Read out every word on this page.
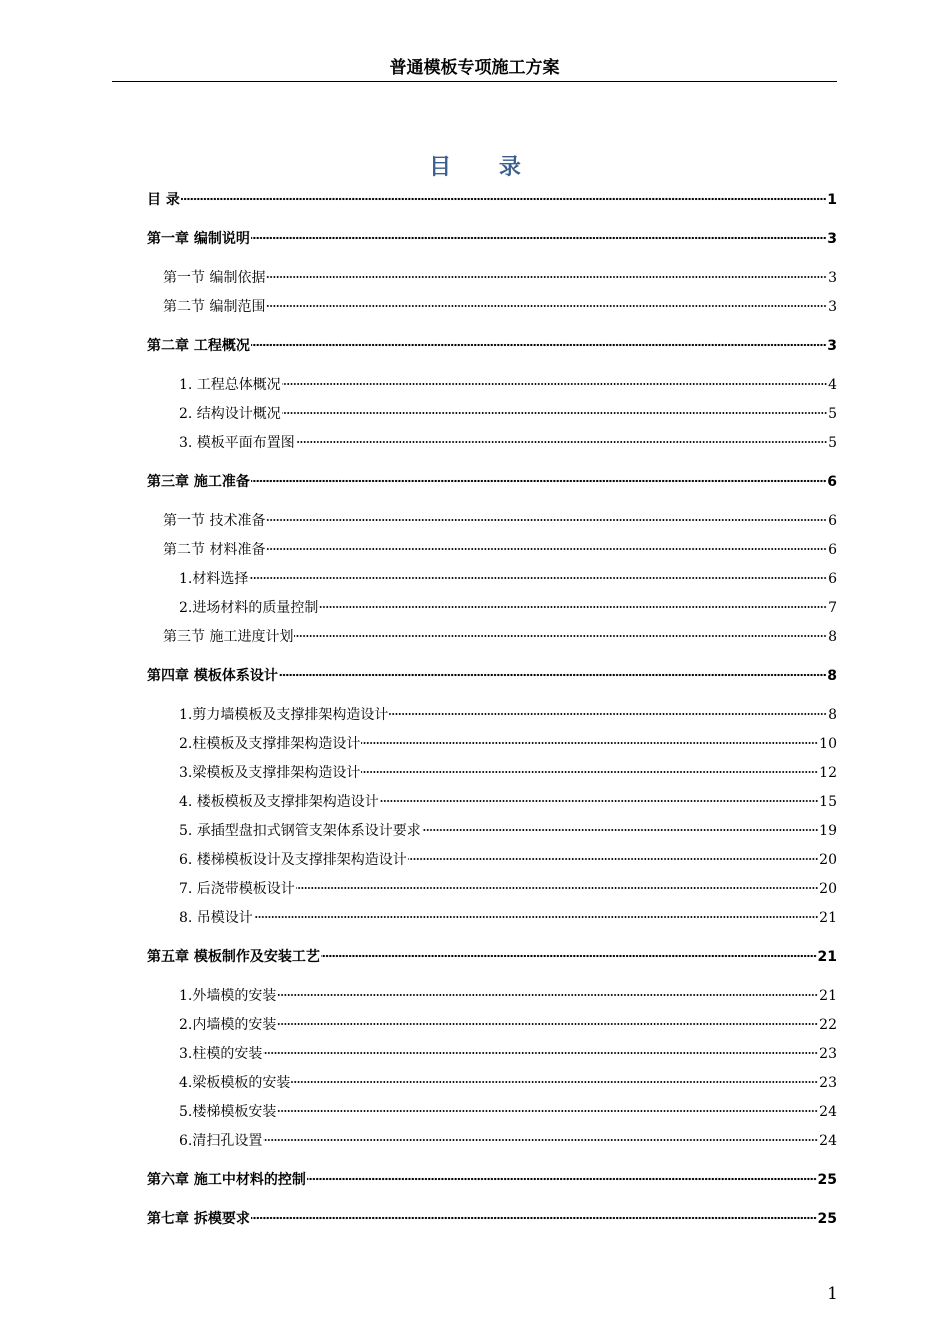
普通模板专项施工方案
目 录
目 录	1
第一章 编制说明	3
第一节 编制依据	3
第二节 编制范围	3
第二章 工程概况	3
1. 工程总体概况	4
2. 结构设计概况	5
3. 模板平面布置图	5
第三章 施工准备	6
第一节 技术准备	6
第二节 材料准备	6
1.材料选择	6
2.进场材料的质量控制	7
第三节 施工进度计划	8
第四章 模板体系设计	8
1.剪力墙模板及支撑排架构造设计	8
2.柱模板及支撑排架构造设计	10
3.梁模板及支撑排架构造设计	12
4. 楼板模板及支撑排架构造设计	15
5. 承插型盘扣式钢管支架体系设计要求	19
6. 楼梯模板设计及支撑排架构造设计	20
7. 后浇带模板设计	20
8. 吊模设计	21
第五章 模板制作及安装工艺	21
1.外墙模的安装	21
2.内墙模的安装	22
3.柱模的安装	23
4.梁板模板的安装	23
5.楼梯模板安装	24
6.清扫孔设置	24
第六章 施工中材料的控制	25
第七章 拆模要求	25
1
